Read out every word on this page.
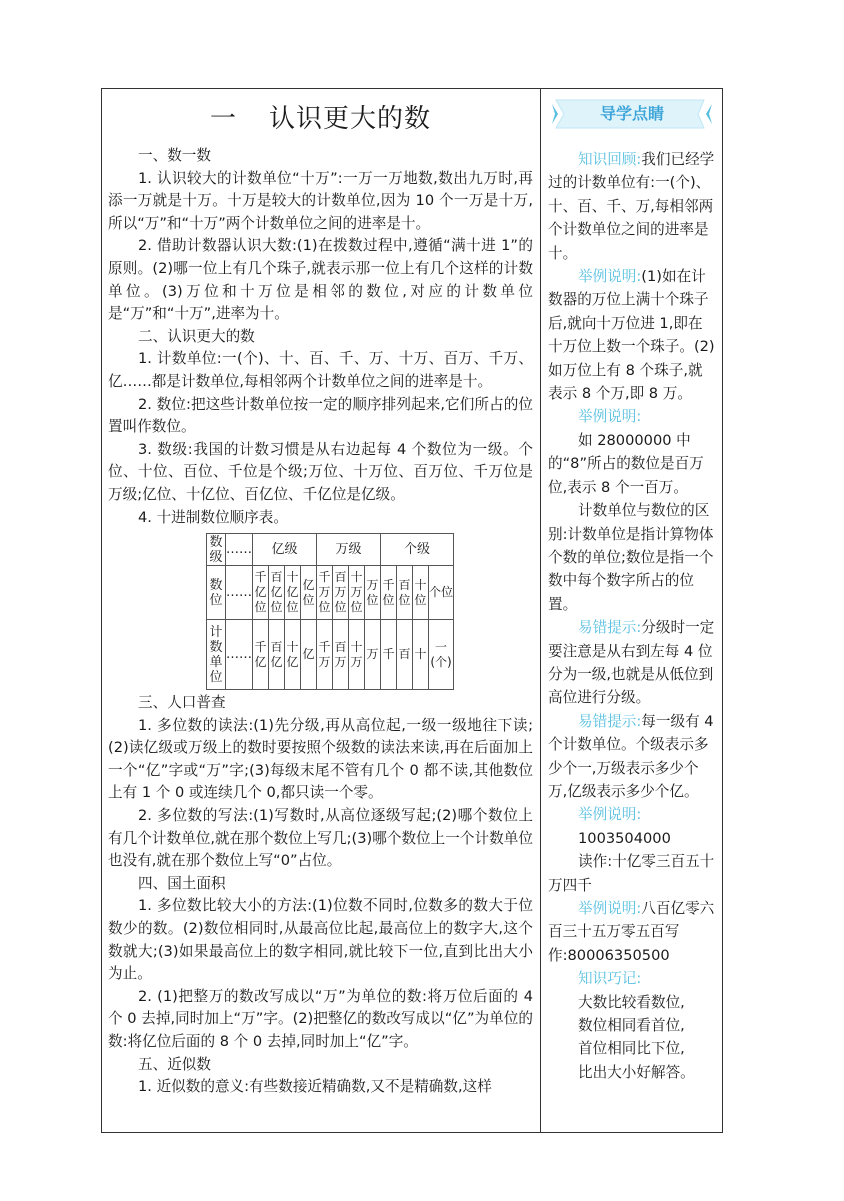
一 认识更大的数

一、数一数

1. 认识较大的计数单位“十万”:一万一万地数,数出九万时,再添一万就是十万。十万是较大的计数单位,因为 10 个一万是十万,所以“万”和“十万”两个计数单位之间的进率是十。

2. 借助计数器认识大数:(1)在拨数过程中,遵循“满十进 1”的原则。(2)哪一位上有几个珠子,就表示那一位上有几个这样的计数单位。(3)万位和十万位是相邻的数位,对应的计数单位是“万”和“十万”,进率为十。

二、认识更大的数

1. 计数单位:一(个)、十、百、千、万、十万、百万、千万、亿……都是计数单位,每相邻两个计数单位之间的进率是十。

2. 数位:把这些计数单位按一定的顺序排列起来,它们所占的位置叫作数位。

3. 数级:我国的计数习惯是从右边起每 4 个数位为一级。个位、十位、百位、千位是个级;万位、十万位、百万位、千万位是万级;亿位、十亿位、百亿位、千亿位是亿级。

4. 十进制数位顺序表。

数级	……	亿级				万级				个级			
数位	……	千亿位	百亿位	十亿位	亿位	千万位	百万位	十万位	万位	千位	百位	十位	个位
计数单位	……	千亿	百亿	十亿	亿	千万	百万	十万	万	千	百	十	一(个)

三、人口普查

1. 多位数的读法:(1)先分级,再从高位起,一级一级地往下读;(2)读亿级或万级上的数时要按照个级数的读法来读,再在后面加上一个“亿”字或“万”字;(3)每级末尾不管有几个 0 都不读,其他数位上有 1 个 0 或连续几个 0,都只读一个零。

2. 多位数的写法:(1)写数时,从高位逐级写起;(2)哪个数位上有几个计数单位,就在那个数位上写几;(3)哪个数位上一个计数单位也没有,就在那个数位上写“0”占位。

四、国土面积

1. 多位数比较大小的方法:(1)位数不同时,位数多的数大于位数少的数。(2)数位相同时,从最高位比起,最高位上的数字大,这个数就大;(3)如果最高位上的数字相同,就比较下一位,直到比出大小为止。

2. (1)把整万的数改写成以“万”为单位的数:将万位后面的 4 个 0 去掉,同时加上“万”字。(2)把整亿的数改写成以“亿”为单位的数:将亿位后面的 8 个 0 去掉,同时加上“亿”字。

五、近似数

1. 近似数的意义:有些数接近精确数,又不是精确数,这样

导学点睛

知识回顾:我们已经学过的计数单位有:一(个)、十、百、千、万,每相邻两个计数单位之间的进率是十。

举例说明:(1)如在计数器的万位上满十个珠子后,就向十万位进 1,即在十万位上数一个珠子。(2)如万位上有 8 个珠子,就表示 8 个万,即 8 万。

举例说明:

如 28000000 中的“8”所占的数位是百万位,表示 8 个一百万。

计数单位与数位的区别:计数单位是指计算物体个数的单位;数位是指一个数中每个数字所占的位置。

易错提示:分级时一定要注意是从右到左每 4 位分为一级,也就是从低位到高位进行分级。

易错提示:每一级有 4 个计数单位。个级表示多少个一,万级表示多少个万,亿级表示多少个亿。

举例说明:

1003504000

读作:十亿零三百五十万四千

举例说明:八百亿零六百三十五万零五百写作:80006350500

知识巧记:

大数比较看数位,

数位相同看首位,

首位相同比下位,

比出大小好解答。
